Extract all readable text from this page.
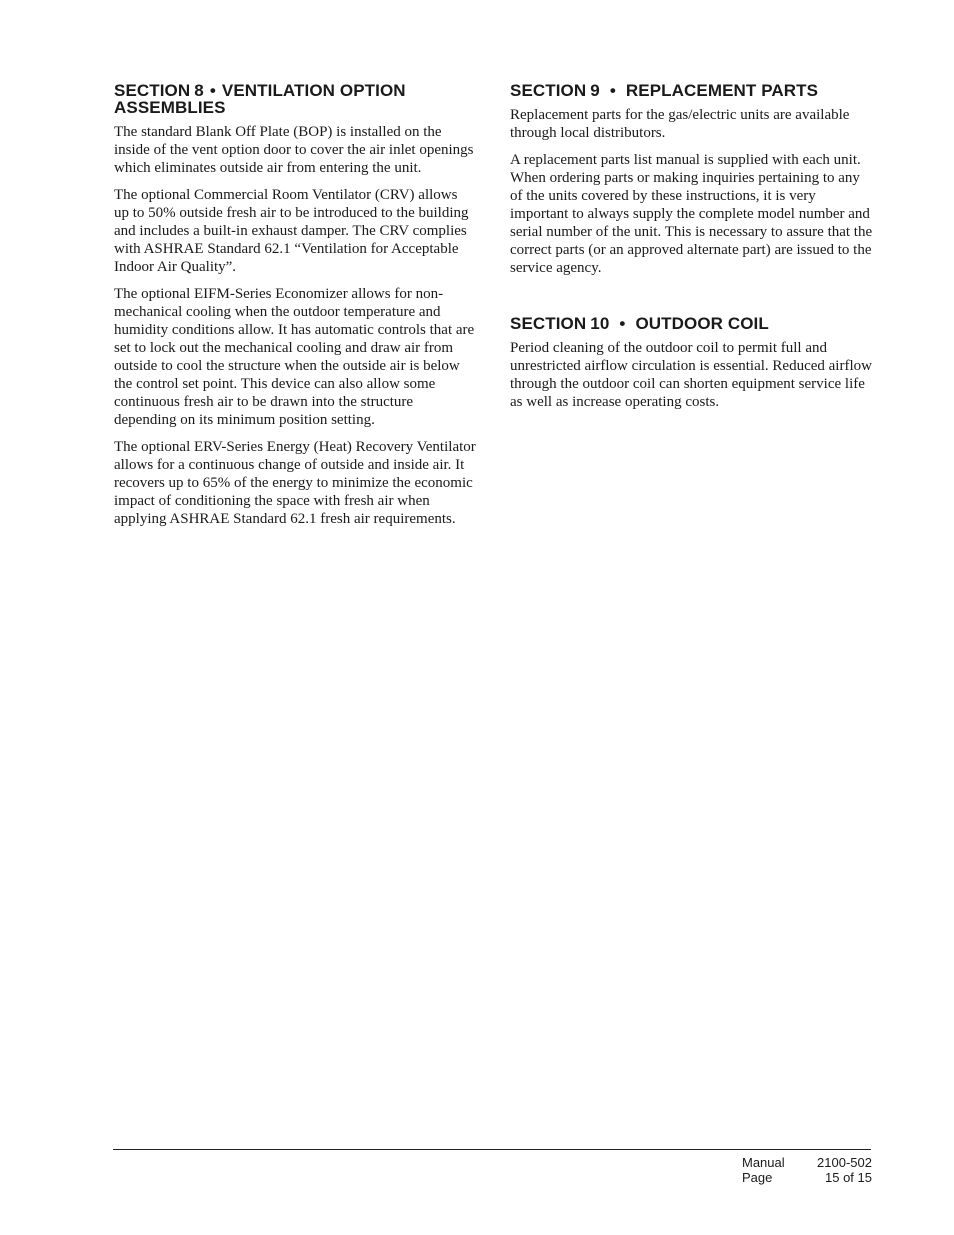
SECTION 8 • VENTILATION OPTION
ASSEMBLIES

The standard Blank Off Plate (BOP) is installed on the inside of the vent option door to cover the air inlet openings which eliminates outside air from entering the unit.

The optional Commercial Room Ventilator (CRV) allows up to 50% outside fresh air to be introduced to the building and includes a built-in exhaust damper. The CRV complies with ASHRAE Standard 62.1 “Ventilation for Acceptable Indoor Air Quality”.

The optional EIFM-Series Economizer allows for non-mechanical cooling when the outdoor temperature and humidity conditions allow. It has automatic controls that are set to lock out the mechanical cooling and draw air from outside to cool the structure when the outside air is below the control set point. This device can also allow some continuous fresh air to be drawn into the structure depending on its minimum position setting.

The optional ERV-Series Energy (Heat) Recovery Ventilator allows for a continuous change of outside and inside air. It recovers up to 65% of the energy to minimize the economic impact of conditioning the space with fresh air when applying ASHRAE Standard 62.1 fresh air requirements.

SECTION 9 • REPLACEMENT PARTS

Replacement parts for the gas/electric units are available through local distributors.

A replacement parts list manual is supplied with each unit. When ordering parts or making inquiries pertaining to any of the units covered by these instructions, it is very important to always supply the complete model number and serial number of the unit. This is necessary to assure that the correct parts (or an approved alternate part) are issued to the service agency.

SECTION 10 • OUTDOOR COIL

Period cleaning of the outdoor coil to permit full and unrestricted airflow circulation is essential. Reduced airflow through the outdoor coil can shorten equipment service life as well as increase operating costs.

Manual 2100-502
Page	15 of 15
